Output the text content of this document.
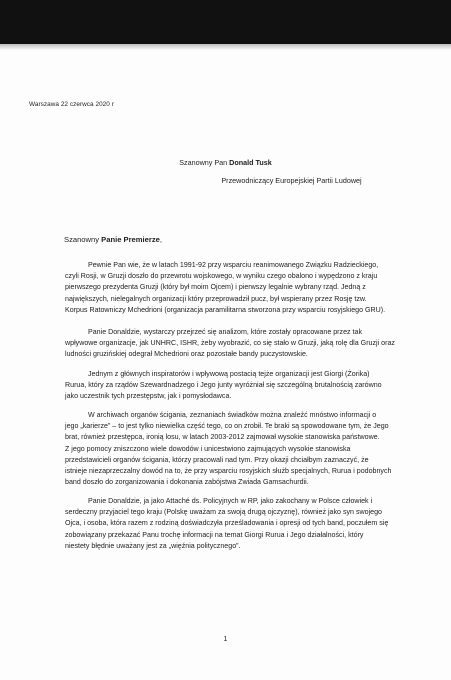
Warszawa 22 czerwca 2020 r
Szanowny Pan Donald Tusk
Przewodniczący Europejskiej Partii Ludowej
Szanowny Panie Premierze,
Pewnie Pan wie, że w latach 1991-92 przy wsparciu reanimowanego Związku Radzieckiego,
czyli Rosji, w Gruzji doszło do przewrotu wojskowego, w wyniku czego obalono i wypędzono z kraju
pierwszego prezydenta Gruzji (który był moim Ojcem) i pierwszy legalnie wybrany rząd. Jedną z
największych, nielegalnych organizacji który przeprowadził pucz, był wspierany przez Rosję tzw.
Korpus Ratowniczy Mchedrioni (organizacja paramilitarna stworzona przy wsparciu rosyjskiego GRU).
Panie Donaldzie, wystarczy przejrzeć się analizom, które zostały opracowane przez tak
wpływowe organizacje, jak UNHRC, ISHR, żeby wyobrazić, co się stało w Gruzji, jaką rolę dla Gruzji oraz
ludności gruzińskiej odegrał Mchedrioni oraz pozostałe bandy puczystowskie.
Jednym z głównych inspiratorów i wpływową postacią tejże organizacji jest Giorgi (Żorika)
Rurua, który za rządów Szewardnadzego i Jego junty wyróżniał się szczególną brutalnością zarówno
jako uczestnik tych przestępstw, jak i pomysłodawca.
W archiwach organów ścigania, zeznaniach świadków można znaleźć mnóstwo informacji o
jego „karierze” – to jest tylko niewielka część tego, co on zrobił. Te braki są spowodowane tym, że Jego
brat, również przestępca, ironią losu, w latach 2003-2012 zajmował wysokie stanowiska państwowe.
Z jego pomocy zniszczono wiele dowodów i unicestwiono zajmujących wysokie stanowiska
przedstawicieli organów ścigania, którzy pracowali nad tym. Przy okazji chciałbym zaznaczyć, że
istnieje niezaprzeczalny dowód na to, że przy wsparciu rosyjskich służb specjalnych, Rurua i podobnych
band doszło do zorganizowania i dokonania zabójstwa Zwiada Gamsachurdii.
Panie Donaldzie, ja jako Attaché ds. Policyjnych w RP, jako zakochany w Polsce człowiek i
serdeczny przyjaciel tego kraju (Polskę uważam za swoją drugą ojczyznę), również jako syn swojego
Ojca, i osoba, która razem z rodziną doświadczyła prześladowania i opresji od tych band, poczułem się
zobowiązany przekazać Panu trochę informacji na temat Giorgi Rurua i Jego działalności, który
niestety błędnie uważany jest za „więźnia politycznego”.
1
